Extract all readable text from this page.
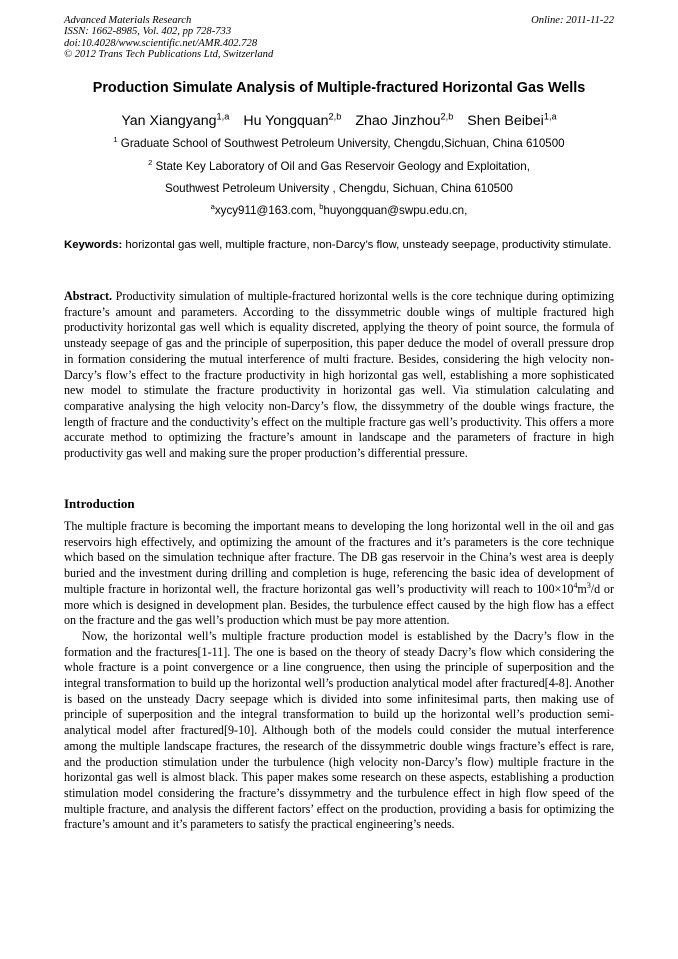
Advanced Materials Research
ISSN: 1662-8985, Vol. 402, pp 728-733
doi:10.4028/www.scientific.net/AMR.402.728
© 2012 Trans Tech Publications Ltd, Switzerland
Online: 2011-11-22
Production Simulate Analysis of Multiple-fractured Horizontal Gas Wells
Yan Xiangyang$^{1,a}$ Hu Yongquan$^{2,b}$ Zhao Jinzhou$^{2,b}$ Shen Beibei$^{1,a}$
$^1$ Graduate School of Southwest Petroleum University, Chengdu,Sichuan, China 610500
$^2$ State Key Laboratory of Oil and Gas Reservoir Geology and Exploitation,
Southwest Petroleum University , Chengdu, Sichuan, China 610500
$^a$xycy911@163.com, $^b$huyongquan@swpu.edu.cn,
Keywords: horizontal gas well, multiple fracture, non-Darcy’s flow, unsteady seepage, productivity stimulate.
Abstract. Productivity simulation of multiple-fractured horizontal wells is the core technique during optimizing fracture’s amount and parameters. According to the dissymmetric double wings of multiple fractured high productivity horizontal gas well which is equality discreted, applying the theory of point source, the formula of unsteady seepage of gas and the principle of superposition, this paper deduce the model of overall pressure drop in formation considering the mutual interference of multi fracture. Besides, considering the high velocity non-Darcy’s flow’s effect to the fracture productivity in high horizontal gas well, establishing a more sophisticated new model to stimulate the fracture productivity in horizontal gas well. Via stimulation calculating and comparative analysing the high velocity non-Darcy’s flow, the dissymmetry of the double wings fracture, the length of fracture and the conductivity’s effect on the multiple fracture gas well’s productivity. This offers a more accurate method to optimizing the fracture’s amount in landscape and the parameters of fracture in high productivity gas well and making sure the proper production’s differential pressure.
Introduction

The multiple fracture is becoming the important means to developing the long horizontal well in the oil and gas reservoirs high effectively, and optimizing the amount of the fractures and it’s parameters is the core technique which based on the simulation technique after fracture. The DB gas reservoir in the China’s west area is deeply buried and the investment during drilling and completion is huge, referencing the basic idea of development of multiple fracture in horizontal well, the fracture horizontal gas well’s productivity will reach to $100\times 10^4m^3/d$ or more which is designed in development plan. Besides, the turbulence effect caused by the high flow has a effect on the fracture and the gas well’s production which must be pay more attention.

Now, the horizontal well’s multiple fracture production model is established by the Dacry’s flow in the formation and the fractures[1-11]. The one is based on the theory of steady Dacry’s flow which considering the whole fracture is a point convergence or a line congruence, then using the principle of superposition and the integral transformation to build up the horizontal well’s production analytical model after fractured[4-8]. Another is based on the unsteady Dacry seepage which is divided into some infinitesimal parts, then making use of principle of superposition and the integral transformation to build up the horizontal well’s production semi-analytical model after fractured[9-10]. Although both of the models could consider the mutual interference among the multiple landscape fractures, the research of the dissymmetric double wings fracture’s effect is rare, and the production stimulation under the turbulence (high velocity non-Darcy’s flow) multiple fracture in the horizontal gas well is almost black. This paper makes some research on these aspects, establishing a production stimulation model considering the fracture’s dissymmetry and the turbulence effect in high flow speed of the multiple fracture, and analysis the different factors’ effect on the production, providing a basis for optimizing the fracture’s amount and it’s parameters to satisfy the practical engineering’s needs.
